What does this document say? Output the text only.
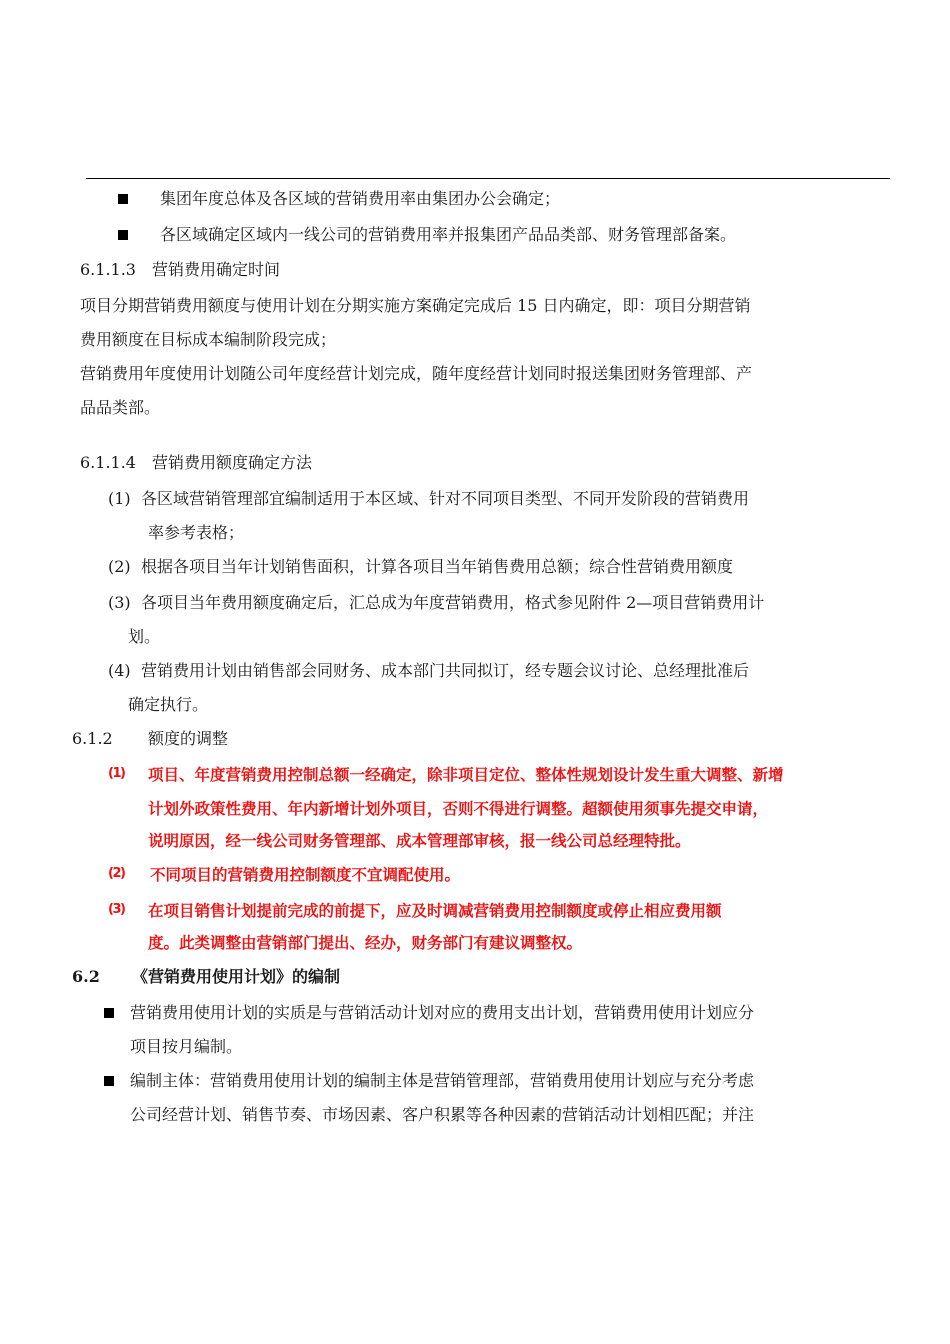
集团年度总体及各区域的营销费用率由集团办公会确定；
各区域确定区域内一线公司的营销费用率并报集团产品品类部、财务管理部备案。
6.1.1.3 营销费用确定时间
项目分期营销费用额度与使用计划在分期实施方案确定完成后 15 日内确定，即：项目分期营销
费用额度在目标成本编制阶段完成；
营销费用年度使用计划随公司年度经营计划完成，随年度经营计划同时报送集团财务管理部、产
品品类部。
6.1.1.4 营销费用额度确定方法
(1) 各区域营销管理部宜编制适用于本区域、针对不同项目类型、不同开发阶段的营销费用
率参考表格；
(2) 根据各项目当年计划销售面积，计算各项目当年销售费用总额；综合性营销费用额度
(3) 各项目当年费用额度确定后，汇总成为年度营销费用，格式参见附件 2—项目营销费用计
划。
(4) 营销费用计划由销售部会同财务、成本部门共同拟订，经专题会议讨论、总经理批准后
确定执行。
6.1.2 额度的调整
(1) 项目、年度营销费用控制总额一经确定，除非项目定位、整体性规划设计发生重大调整、新增
计划外政策性费用、年内新增计划外项目，否则不得进行调整。超额使用须事先提交申请，
说明原因，经一线公司财务管理部、成本管理部审核，报一线公司总经理特批。
(2) 不同项目的营销费用控制额度不宜调配使用。
(3) 在项目销售计划提前完成的前提下，应及时调减营销费用控制额度或停止相应费用额
度。此类调整由营销部门提出、经办，财务部门有建议调整权。
6.2 《营销费用使用计划》的编制
营销费用使用计划的实质是与营销活动计划对应的费用支出计划，营销费用使用计划应分
项目按月编制。
编制主体：营销费用使用计划的编制主体是营销管理部，营销费用使用计划应与充分考虑
公司经营计划、销售节奏、市场因素、客户积累等各种因素的营销活动计划相匹配；并注
